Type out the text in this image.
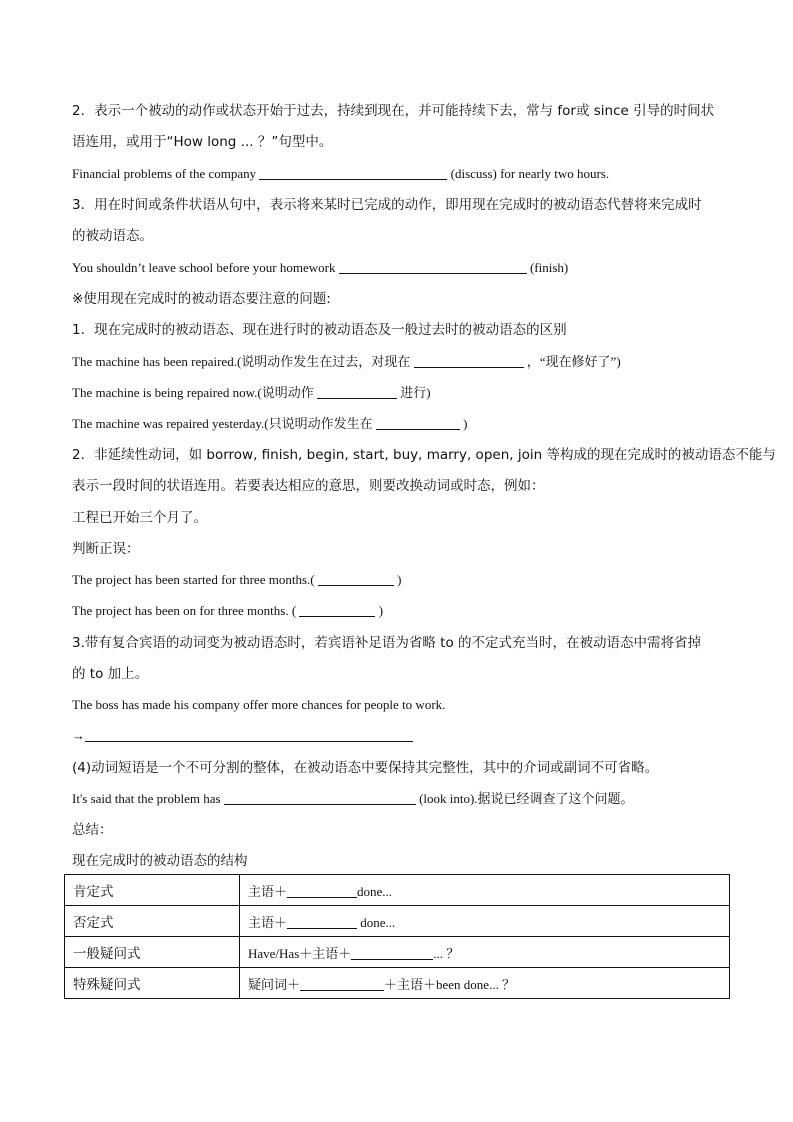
2．表示一个被动的动作或状态开始于过去，持续到现在，并可能持续下去，常与 for或 since 引导的时间状
语连用，或用于“How long ... ？”句型中。
Financial problems of the company	(discuss) for nearly two hours.
3．用在时间或条件状语从句中，表示将来某时已完成的动作，即用现在完成时的被动语态代替将来完成时
的被动语态。
You shouldn’t leave school before your homework	(finish)
※使用现在完成时的被动语态要注意的问题:
1．现在完成时的被动语态、现在进行时的被动语态及一般过去时的被动语态的区别
The machine has been repaired.(说明动作发生在过去，对现在	，“现在修好了”)
The machine is being repaired now.(说明动作	进行)
The machine was repaired yesterday.(只说明动作发生在	)
2．非延续性动词，如 borrow, finish, begin, start, buy, marry, open, join 等构成的现在完成时的被动语态不能与
表示一段时间的状语连用。若要表达相应的意思，则要改换动词或时态，例如：
工程已开始三个月了。
判断正误：
The project has been started for three months.(	)
The project has been on for three months. (	)
3.带有复合宾语的动词变为被动语态时，若宾语补足语为省略 to 的不定式充当时，在被动语态中需将省掉
的 to 加上。
The boss has made his company offer more chances for people to work.
→
(4)动词短语是一个不可分割的整体，在被动语态中要保持其完整性，其中的介词或副词不可省略。
It's said that the problem has	(look into).据说已经调查了这个问题。
总结：
现在完成时的被动语态的结构
肯定式	主语＋ done...
否定式	主语＋ done...
一般疑问式	Have/Has＋主语＋ ... ？
特殊疑问式	疑问词＋ ＋主语＋been done... ？
